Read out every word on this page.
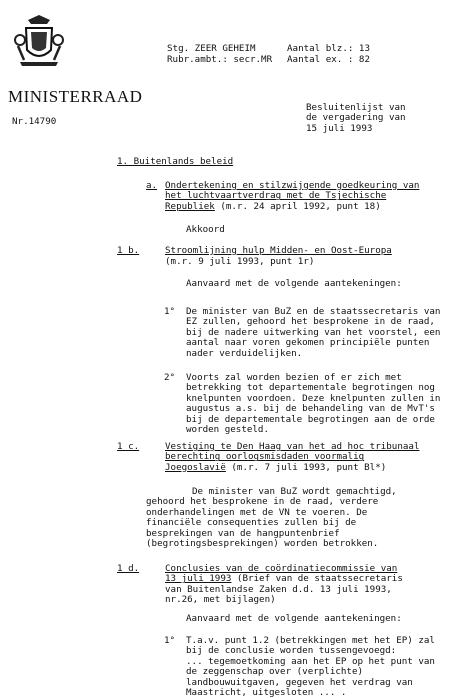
MINISTERRAAD
Nr.14790
Stg. ZEER GEHEIM
Rubr.ambt.: secr.MR
Aantal blz.: 13
Aantal ex. : 82
Besluitenlijst van
de vergadering van
15 juli 1993
1. Buitenlands beleid
a. Ondertekening en stilzwijgende goedkeuring van
het luchtvaartverdrag met de Tsjechische
Republiek (m.r. 24 april 1992, punt 18)
Akkoord
1 b.	Stroomlijning hulp Midden- en Oost-Europa
(m.r. 9 juli 1993, punt 1r)
Aanvaard met de volgende aantekeningen:
1° De minister van BuZ en de staatssecretaris van
EZ zullen, gehoord het besprokene in de raad,
bij de nadere uitwerking van het voorstel, een
aantal naar voren gekomen principiële punten
nader verduidelijken.
2° Voorts zal worden bezien of er zich met
betrekking tot departementale begrotingen nog
knelpunten voordoen. Deze knelpunten zullen in
augustus a.s. bij de behandeling van de MvT's
bij de departementale begrotingen aan de orde
worden gesteld.
1 c.	Vestiging te Den Haag van het ad hoc tribunaal
berechting oorlogsmisdaden voormalig
Joegoslavië (m.r. 7 juli 1993, punt Bl*)
De minister van BuZ wordt gemachtigd,
gehoord het besprokene in de raad, verdere
onderhandelingen met de VN te voeren. De
financiële consequenties zullen bij de
besprekingen van de hangpuntenbrief
(begrotingsbesprekingen) worden betrokken.
1 d.	Conclusies van de coördinatiecommissie van
13 juli 1993 (Brief van de staatssecretaris
van Buitenlandse Zaken d.d. 13 juli 1993,
nr.26, met bijlagen)
Aanvaard met de volgende aantekeningen:
1° T.a.v. punt 1.2 (betrekkingen met het EP) zal
bij de conclusie worden tussengevoegd:
... tegemoetkoming aan het EP op het punt van
de zeggenschap over (verplichte)
landbouwuitgaven, gegeven het verdrag van
Maastricht, uitgesloten ... .
